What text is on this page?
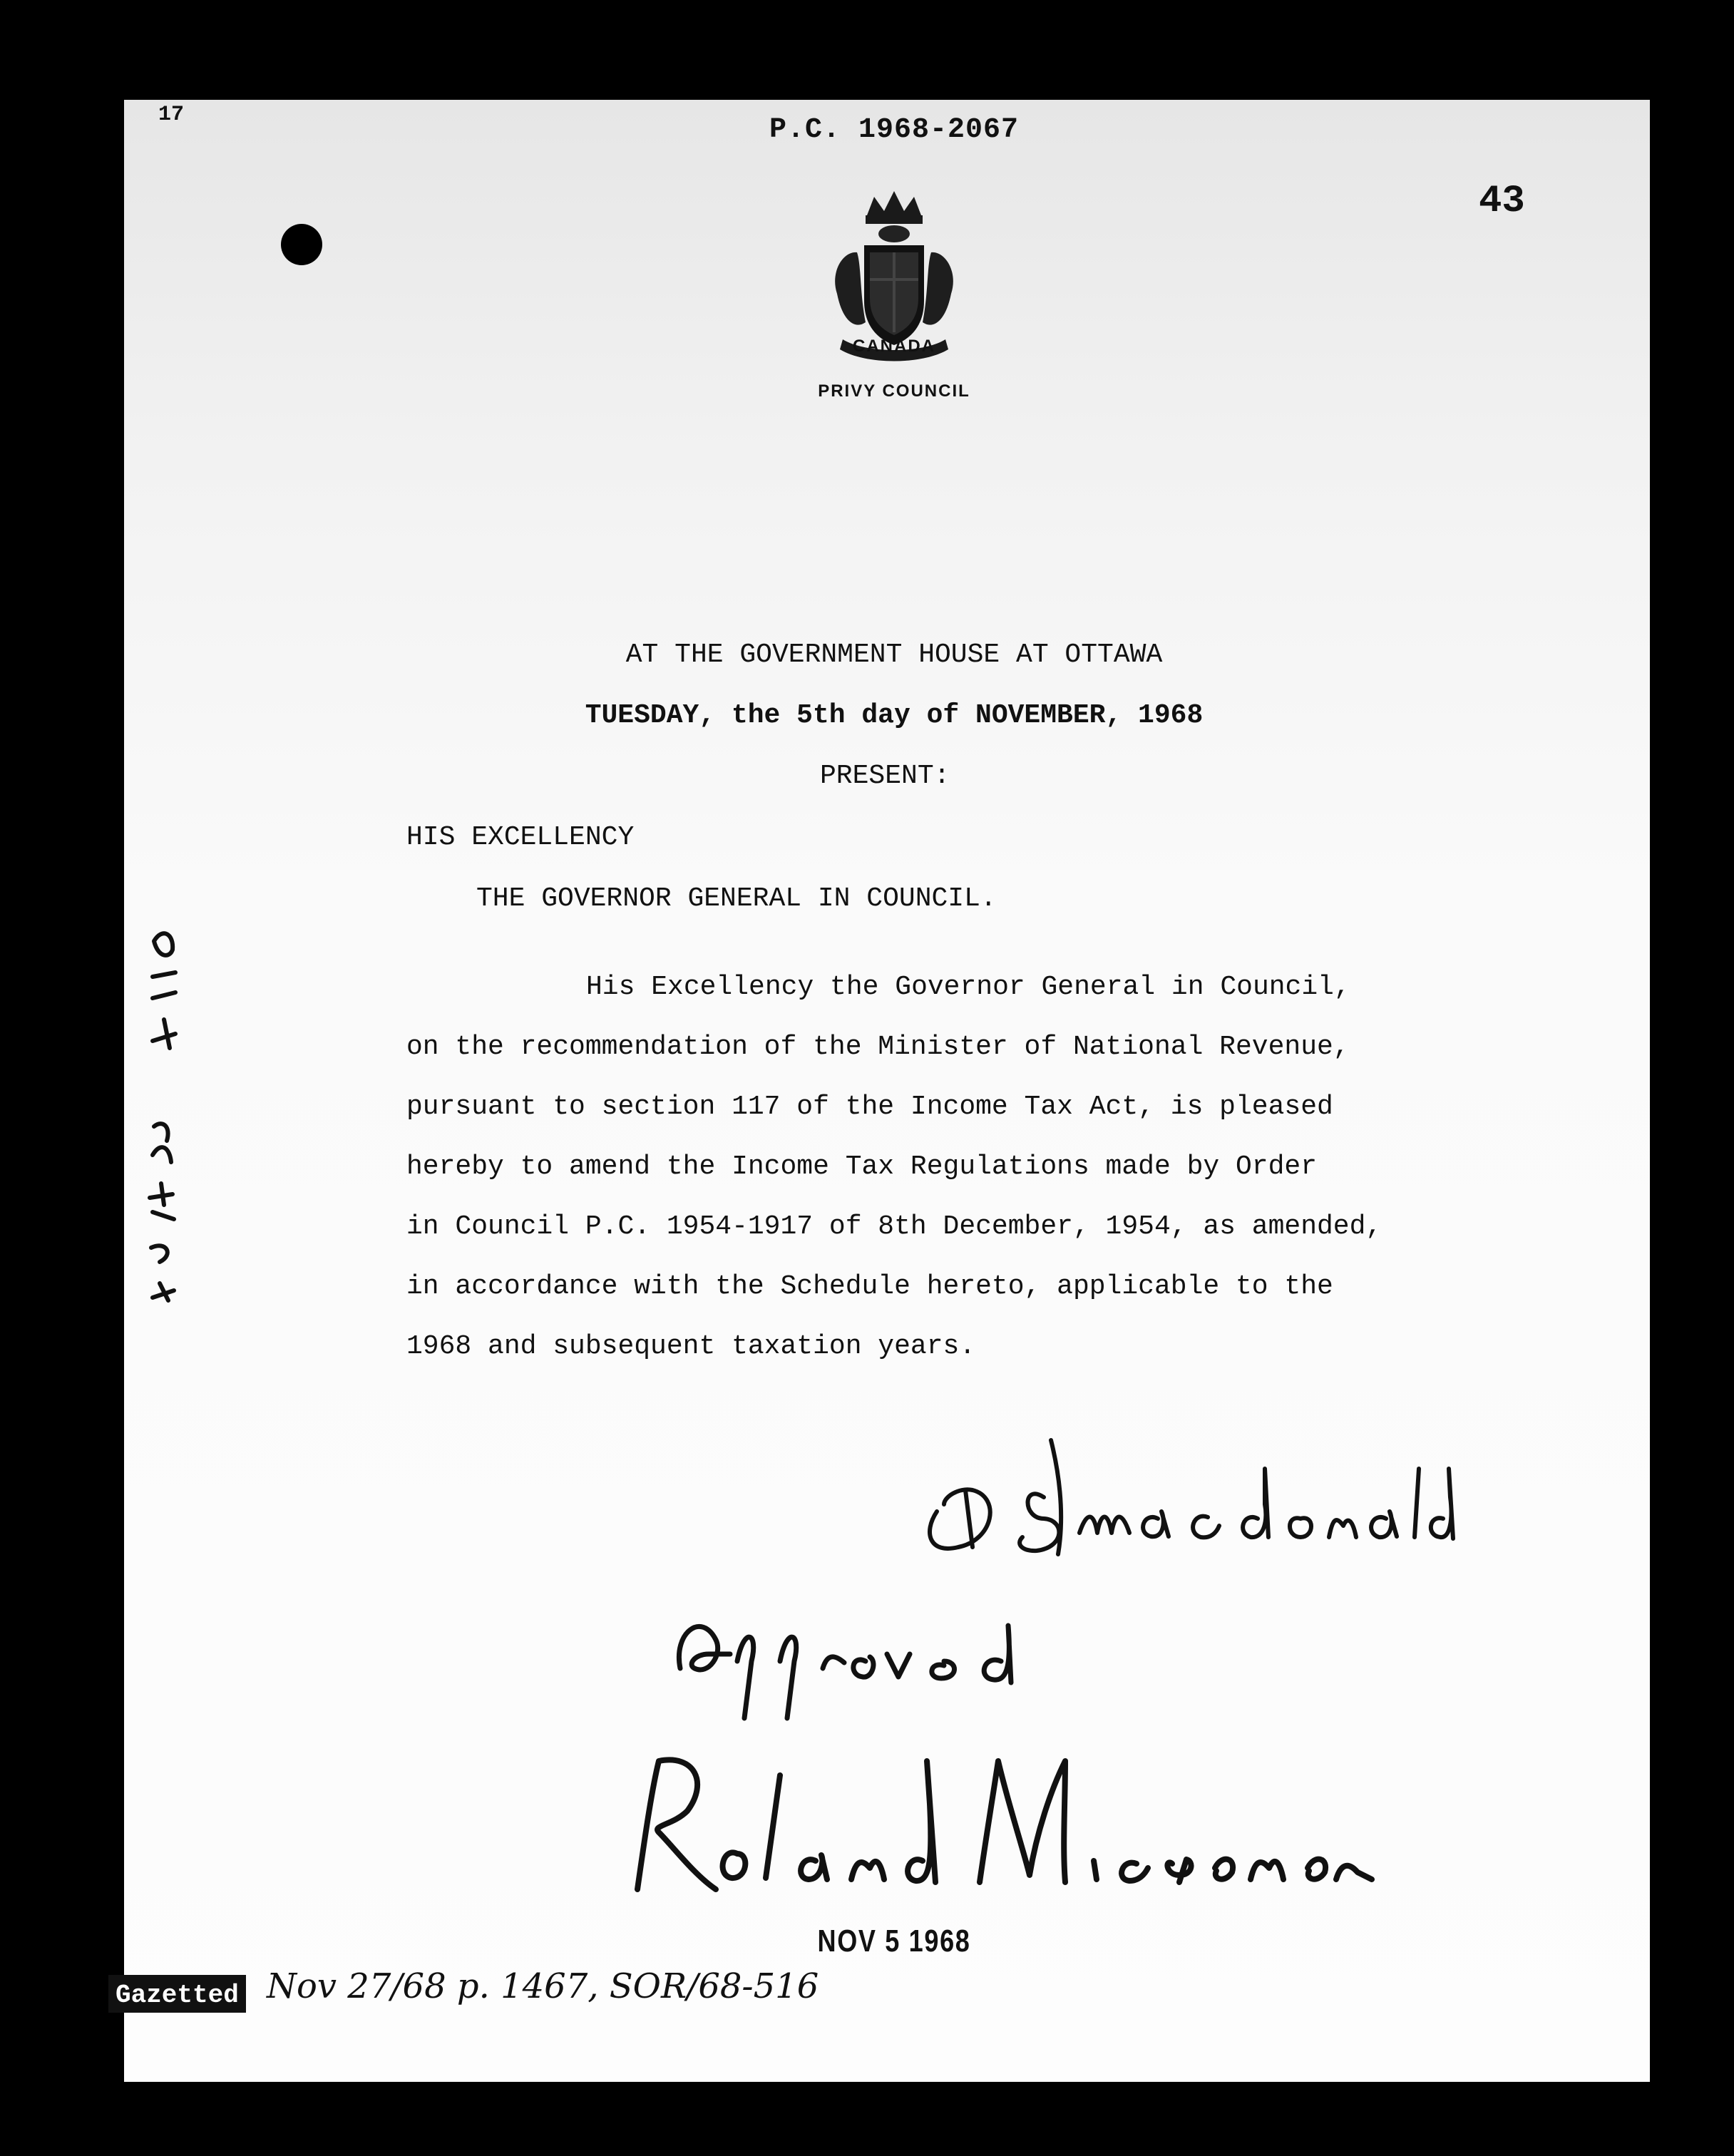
17	P.C. 1968-2067
43
CANADA
PRIVY COUNCIL
AT THE GOVERNMENT HOUSE AT OTTAWA
TUESDAY, the 5th day of NOVEMBER, 1968
PRESENT:
HIS EXCELLENCY
THE GOVERNOR GENERAL IN COUNCIL.
His Excellency the Governor General in Council,
on the recommendation of the Minister of National Revenue,
pursuant to section 117 of the Income Tax Act, is pleased
hereby to amend the Income Tax Regulations made by Order
in Council P.C. 1954-1917 of 8th December, 1954, as amended,
in accordance with the Schedule hereto, applicable to the
1968 and subsequent taxation years.
NOV 5 1968
Gazetted Nov 27/68 p. 1467, SOR/68-516
